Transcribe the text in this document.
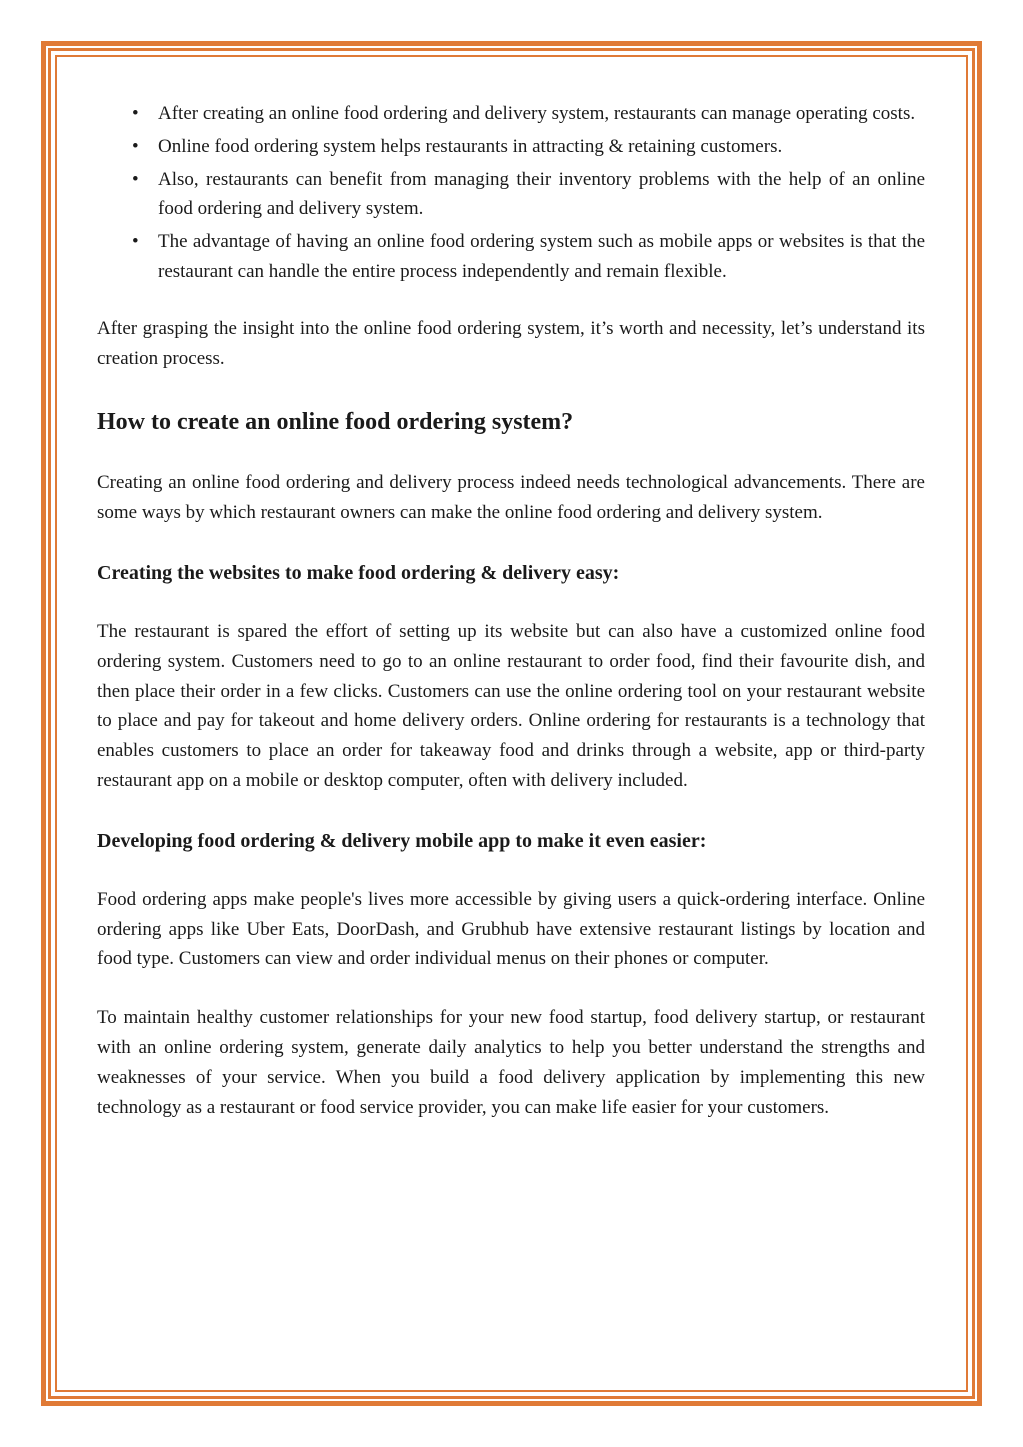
• After creating an online food ordering and delivery system, restaurants can manage operating costs.
• Online food ordering system helps restaurants in attracting & retaining customers.
• Also, restaurants can benefit from managing their inventory problems with the help of an online food ordering and delivery system.
• The advantage of having an online food ordering system such as mobile apps or websites is that the restaurant can handle the entire process independently and remain flexible.

After grasping the insight into the online food ordering system, it’s worth and necessity, let’s understand its creation process.

How to create an online food ordering system?

Creating an online food ordering and delivery process indeed needs technological advancements. There are some ways by which restaurant owners can make the online food ordering and delivery system.

Creating the websites to make food ordering & delivery easy:

The restaurant is spared the effort of setting up its website but can also have a customized online food ordering system. Customers need to go to an online restaurant to order food, find their favourite dish, and then place their order in a few clicks. Customers can use the online ordering tool on your restaurant website to place and pay for takeout and home delivery orders. Online ordering for restaurants is a technology that enables customers to place an order for takeaway food and drinks through a website, app or third-party restaurant app on a mobile or desktop computer, often with delivery included.

Developing food ordering & delivery mobile app to make it even easier:

Food ordering apps make people's lives more accessible by giving users a quick-ordering interface. Online ordering apps like Uber Eats, DoorDash, and Grubhub have extensive restaurant listings by location and food type. Customers can view and order individual menus on their phones or computer.

To maintain healthy customer relationships for your new food startup, food delivery startup, or restaurant with an online ordering system, generate daily analytics to help you better understand the strengths and weaknesses of your service. When you build a food delivery application by implementing this new technology as a restaurant or food service provider, you can make life easier for your customers.
